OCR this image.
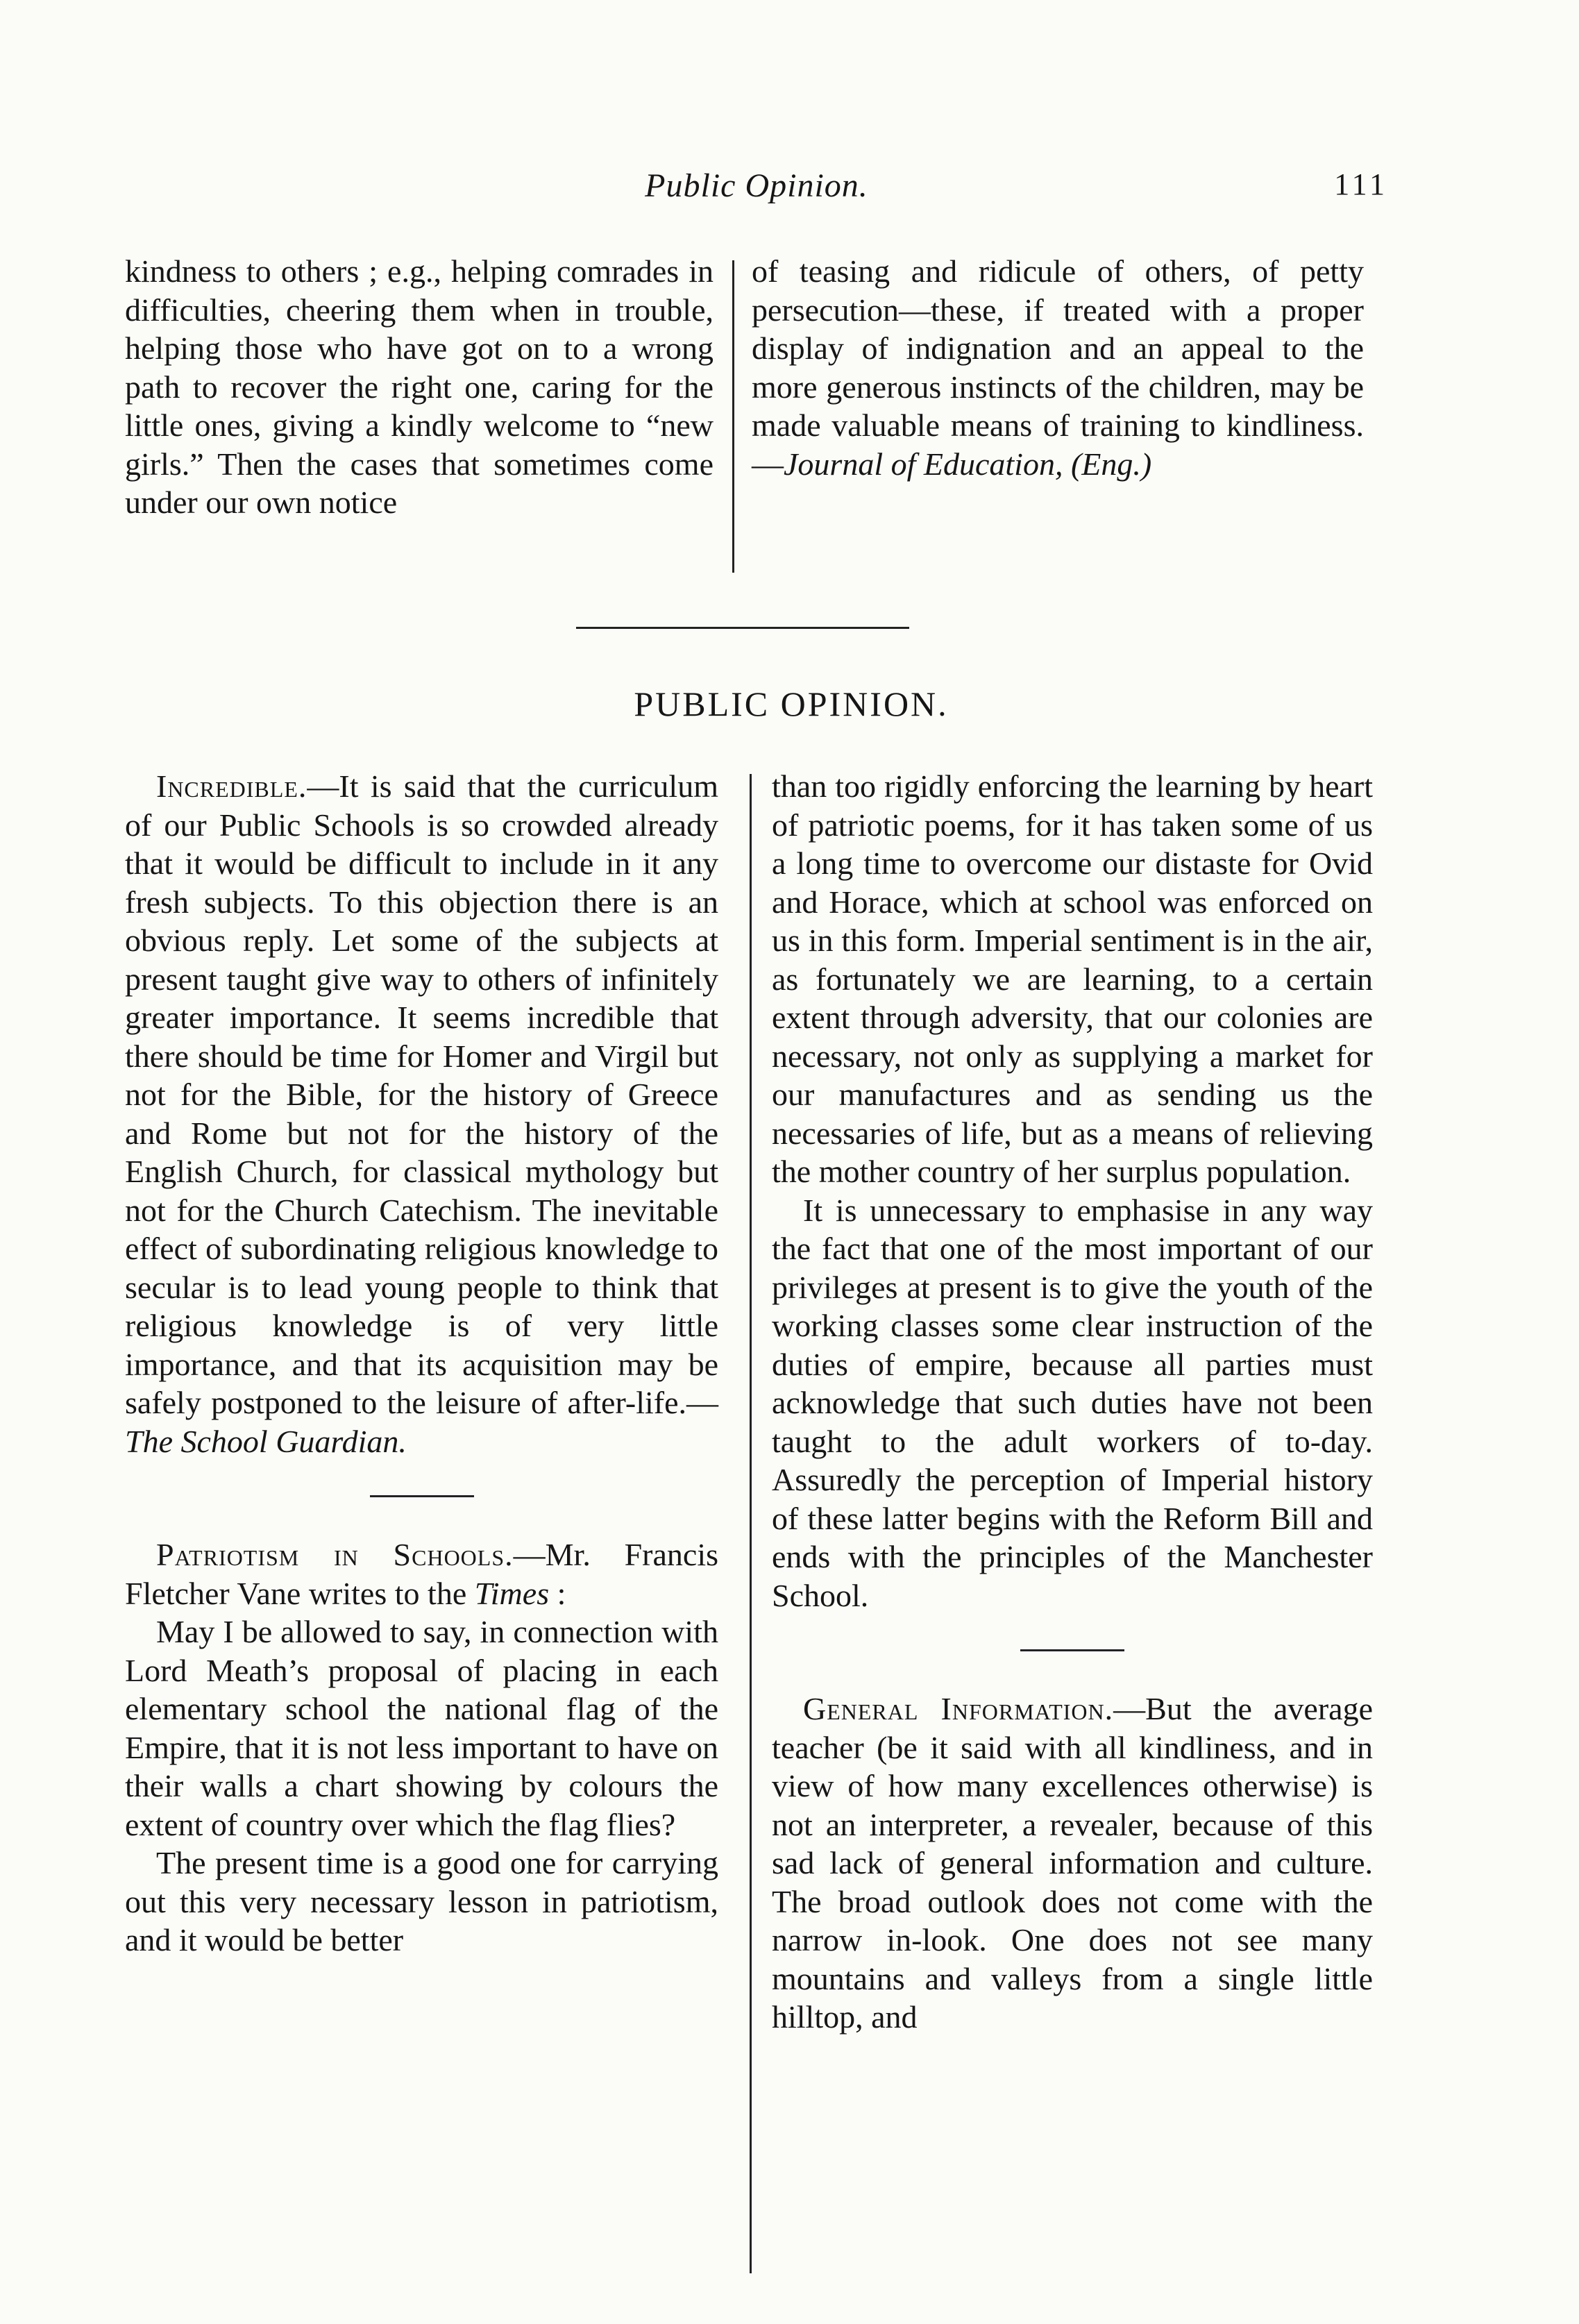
Public Opinion.	111

kindness to others ; e.g., helping comrades in difficulties, cheering them when in trouble, helping those who have got on to a wrong path to recover the right one, caring for the little ones, giving a kindly welcome to “new girls.” Then the cases that sometimes come under our own notice

of teasing and ridicule of others, of petty persecution—these, if treated with a proper display of indignation and an appeal to the more generous instincts of the children, may be made valuable means of training to kindliness. —Journal of Education, (Eng.)

PUBLIC OPINION.

Incredible.—It is said that the curriculum of our Public Schools is so crowded already that it would be difficult to include in it any fresh subjects. To this objection there is an obvious reply. Let some of the subjects at present taught give way to others of infinitely greater importance. It seems incredible that there should be time for Homer and Virgil but not for the Bible, for the history of Greece and Rome but not for the history of the English Church, for classical mythology but not for the Church Catechism. The inevitable effect of subordinating religious knowledge to secular is to lead young people to think that religious knowledge is of very little importance, and that its acquisition may be safely postponed to the leisure of after-life.—The School Guardian.

Patriotism in Schools.—Mr. Francis Fletcher Vane writes to the Times :

May I be allowed to say, in connection with Lord Meath’s proposal of placing in each elementary school the national flag of the Empire, that it is not less important to have on their walls a chart showing by colours the extent of country over which the flag flies?

The present time is a good one for carrying out this very necessary lesson in patriotism, and it would be better

than too rigidly enforcing the learning by heart of patriotic poems, for it has taken some of us a long time to overcome our distaste for Ovid and Horace, which at school was enforced on us in this form. Imperial sentiment is in the air, as fortunately we are learning, to a certain extent through adversity, that our colonies are necessary, not only as supplying a market for our manufactures and as sending us the necessaries of life, but as a means of relieving the mother country of her surplus population.

It is unnecessary to emphasise in any way the fact that one of the most important of our privileges at present is to give the youth of the working classes some clear instruction of the duties of empire, because all parties must acknowledge that such duties have not been taught to the adult workers of to-day. Assuredly the perception of Imperial history of these latter begins with the Reform Bill and ends with the principles of the Manchester School.

General Information.—But the average teacher (be it said with all kindliness, and in view of how many excellences otherwise) is not an interpreter, a revealer, because of this sad lack of general information and culture. The broad outlook does not come with the narrow in-look. One does not see many mountains and valleys from a single little hilltop, and
